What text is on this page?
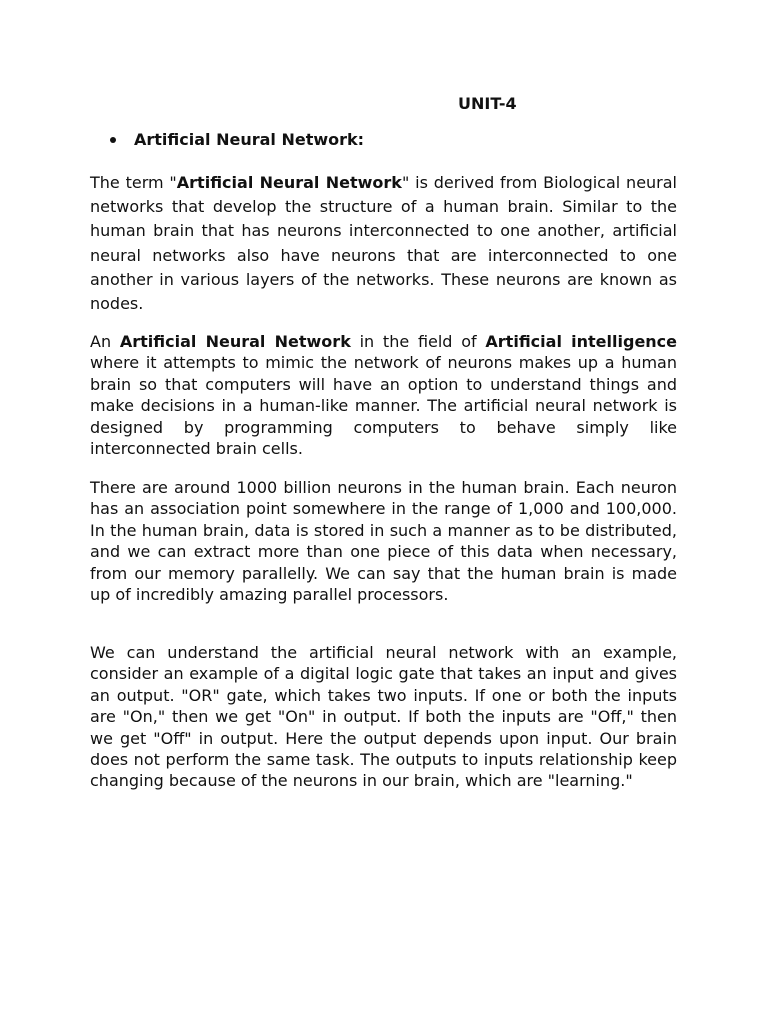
UNIT-4
Artificial Neural Network:

The term "Artificial Neural Network" is derived from Biological neural networks that develop the structure of a human brain. Similar to the human brain that has neurons interconnected to one another, artificial neural networks also have neurons that are interconnected to one another in various layers of the networks. These neurons are known as nodes.

An Artificial Neural Network in the field of Artificial intelligence where it attempts to mimic the network of neurons makes up a human brain so that computers will have an option to understand things and make decisions in a human-like manner. The artificial neural network is designed by programming computers to behave simply like interconnected brain cells.

There are around 1000 billion neurons in the human brain. Each neuron has an association point somewhere in the range of 1,000 and 100,000. In the human brain, data is stored in such a manner as to be distributed, and we can extract more than one piece of this data when necessary, from our memory parallelly. We can say that the human brain is made up of incredibly amazing parallel processors.

We can understand the artificial neural network with an example, consider an example of a digital logic gate that takes an input and gives an output. "OR" gate, which takes two inputs. If one or both the inputs are "On," then we get "On" in output. If both the inputs are "Off," then we get "Off" in output. Here the output depends upon input. Our brain does not perform the same task. The outputs to inputs relationship keep changing because of the neurons in our brain, which are "learning."
